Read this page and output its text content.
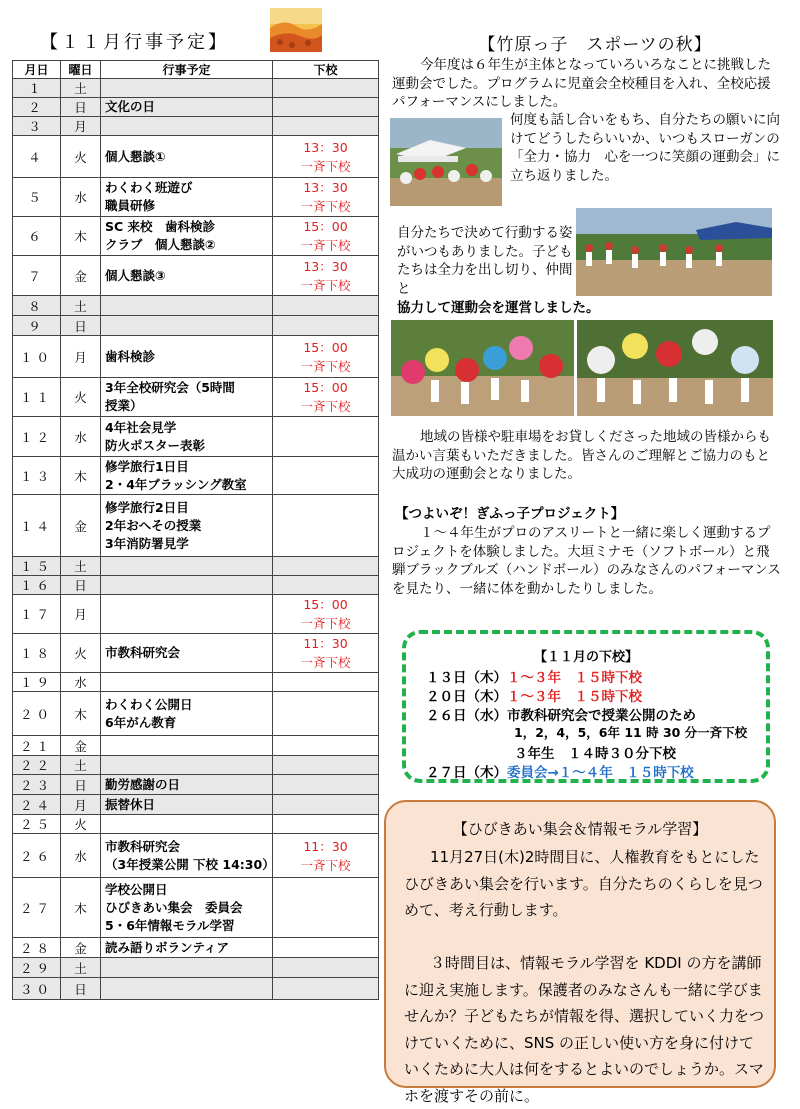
【１１月行事予定】
月日	曜日	行事予定	下校
１	土		
２	日	文化の日	

３	月		
４	火	個人懇談①	13：30
一斉下校

５	水	わくわく班遊び
職員研修	13：30
一斉下校

６	木	SC 来校　歯科検診
クラブ　個人懇談②	15：00
一斉下校

７	金	個人懇談③	13：30
一斉下校

８	土		
９	日		
１０	月	歯科検診	15：00
一斉下校

１１	火	3年全校研究会（5時間
授業）	15：00
一斉下校

１２	水	4年社会見学
防火ポスター表彰	

１３	木	修学旅行1日目
2・4年ブラッシング教室	

１４	金	修学旅行2日目
2年おへその授業
3年消防署見学	

１５	土		
１６	日		
１７	月		15：00
一斉下校

１８	火	市教科研究会	11：30
一斉下校

１９	水		
２０	木	わくわく公開日
6年がん教育	

２１	金		
２２	土		
２３	日	勤労感謝の日	

２４	月	振替休日	

２５	火		
２６	水	市教科研究会
（3年授業公開 下校 14:30）	11：30
一斉下校

２７	木	学校公開日
ひびきあい集会　委員会
5・6年情報モラル学習	

２８	金	読み語りボランティア	

２９	土		
３０	日		
【竹原っ子　スポーツの秋】
今年度は６年生が主体となっていろいろなことに挑戦した運動会でした。プログラムに児童会全校種目を入れ、全校応援パフォーマンスにしました。
何度も話し合いをもち、自分たちの願いに向けてどうしたらいいか、いつもスローガンの「全力・協力　心を一つに笑顔の運動会」に立ち返りました。
自分たちで決めて行動する姿がいつもありました。子どもたちは全力を出し切り、仲間と
協力して運動会を運営しました。
地域の皆様や駐車場をお貸しくださった地域の皆様からも温かい言葉もいただきました。皆さんのご理解とご協力のもと大成功の運動会となりました。
【つよいぞ！ぎふっ子プロジェクト】
１～４年生がプロのアスリートと一緒に楽しく運動するプロジェクトを体験しました。大垣ミナモ（ソフトボール）と飛騨ブラックブルズ（ハンドボール）のみなさんのパフォーマンスを見たり、一緒に体を動かしたりしました。
【１１月の下校】
１３日（木）１～３年　１５時下校
２０日（木）１～３年　１５時下校
２６日（水）市教科研究会で授業公開のため
1，2，4，5，6年 11 時 30 分一斉下校
３年生　１４時３０分下校
２７日（木）委員会→１～４年　１５時下校
【ひびきあい集会＆情報モラル学習】
11月27日(木)2時間目に、人権教育をもとにしたひびきあい集会を行います。自分たちのくらしを見つめて、考え行動します。
３時間目は、情報モラル学習を KDDI の方を講師に迎え実施します。保護者のみなさんも一緒に学びませんか？子どもたちが情報を得、選択していく力をつけていくために、SNS の正しい使い方を身に付けていくために大人は何をするとよいのでしょうか。スマホを渡すその前に。
